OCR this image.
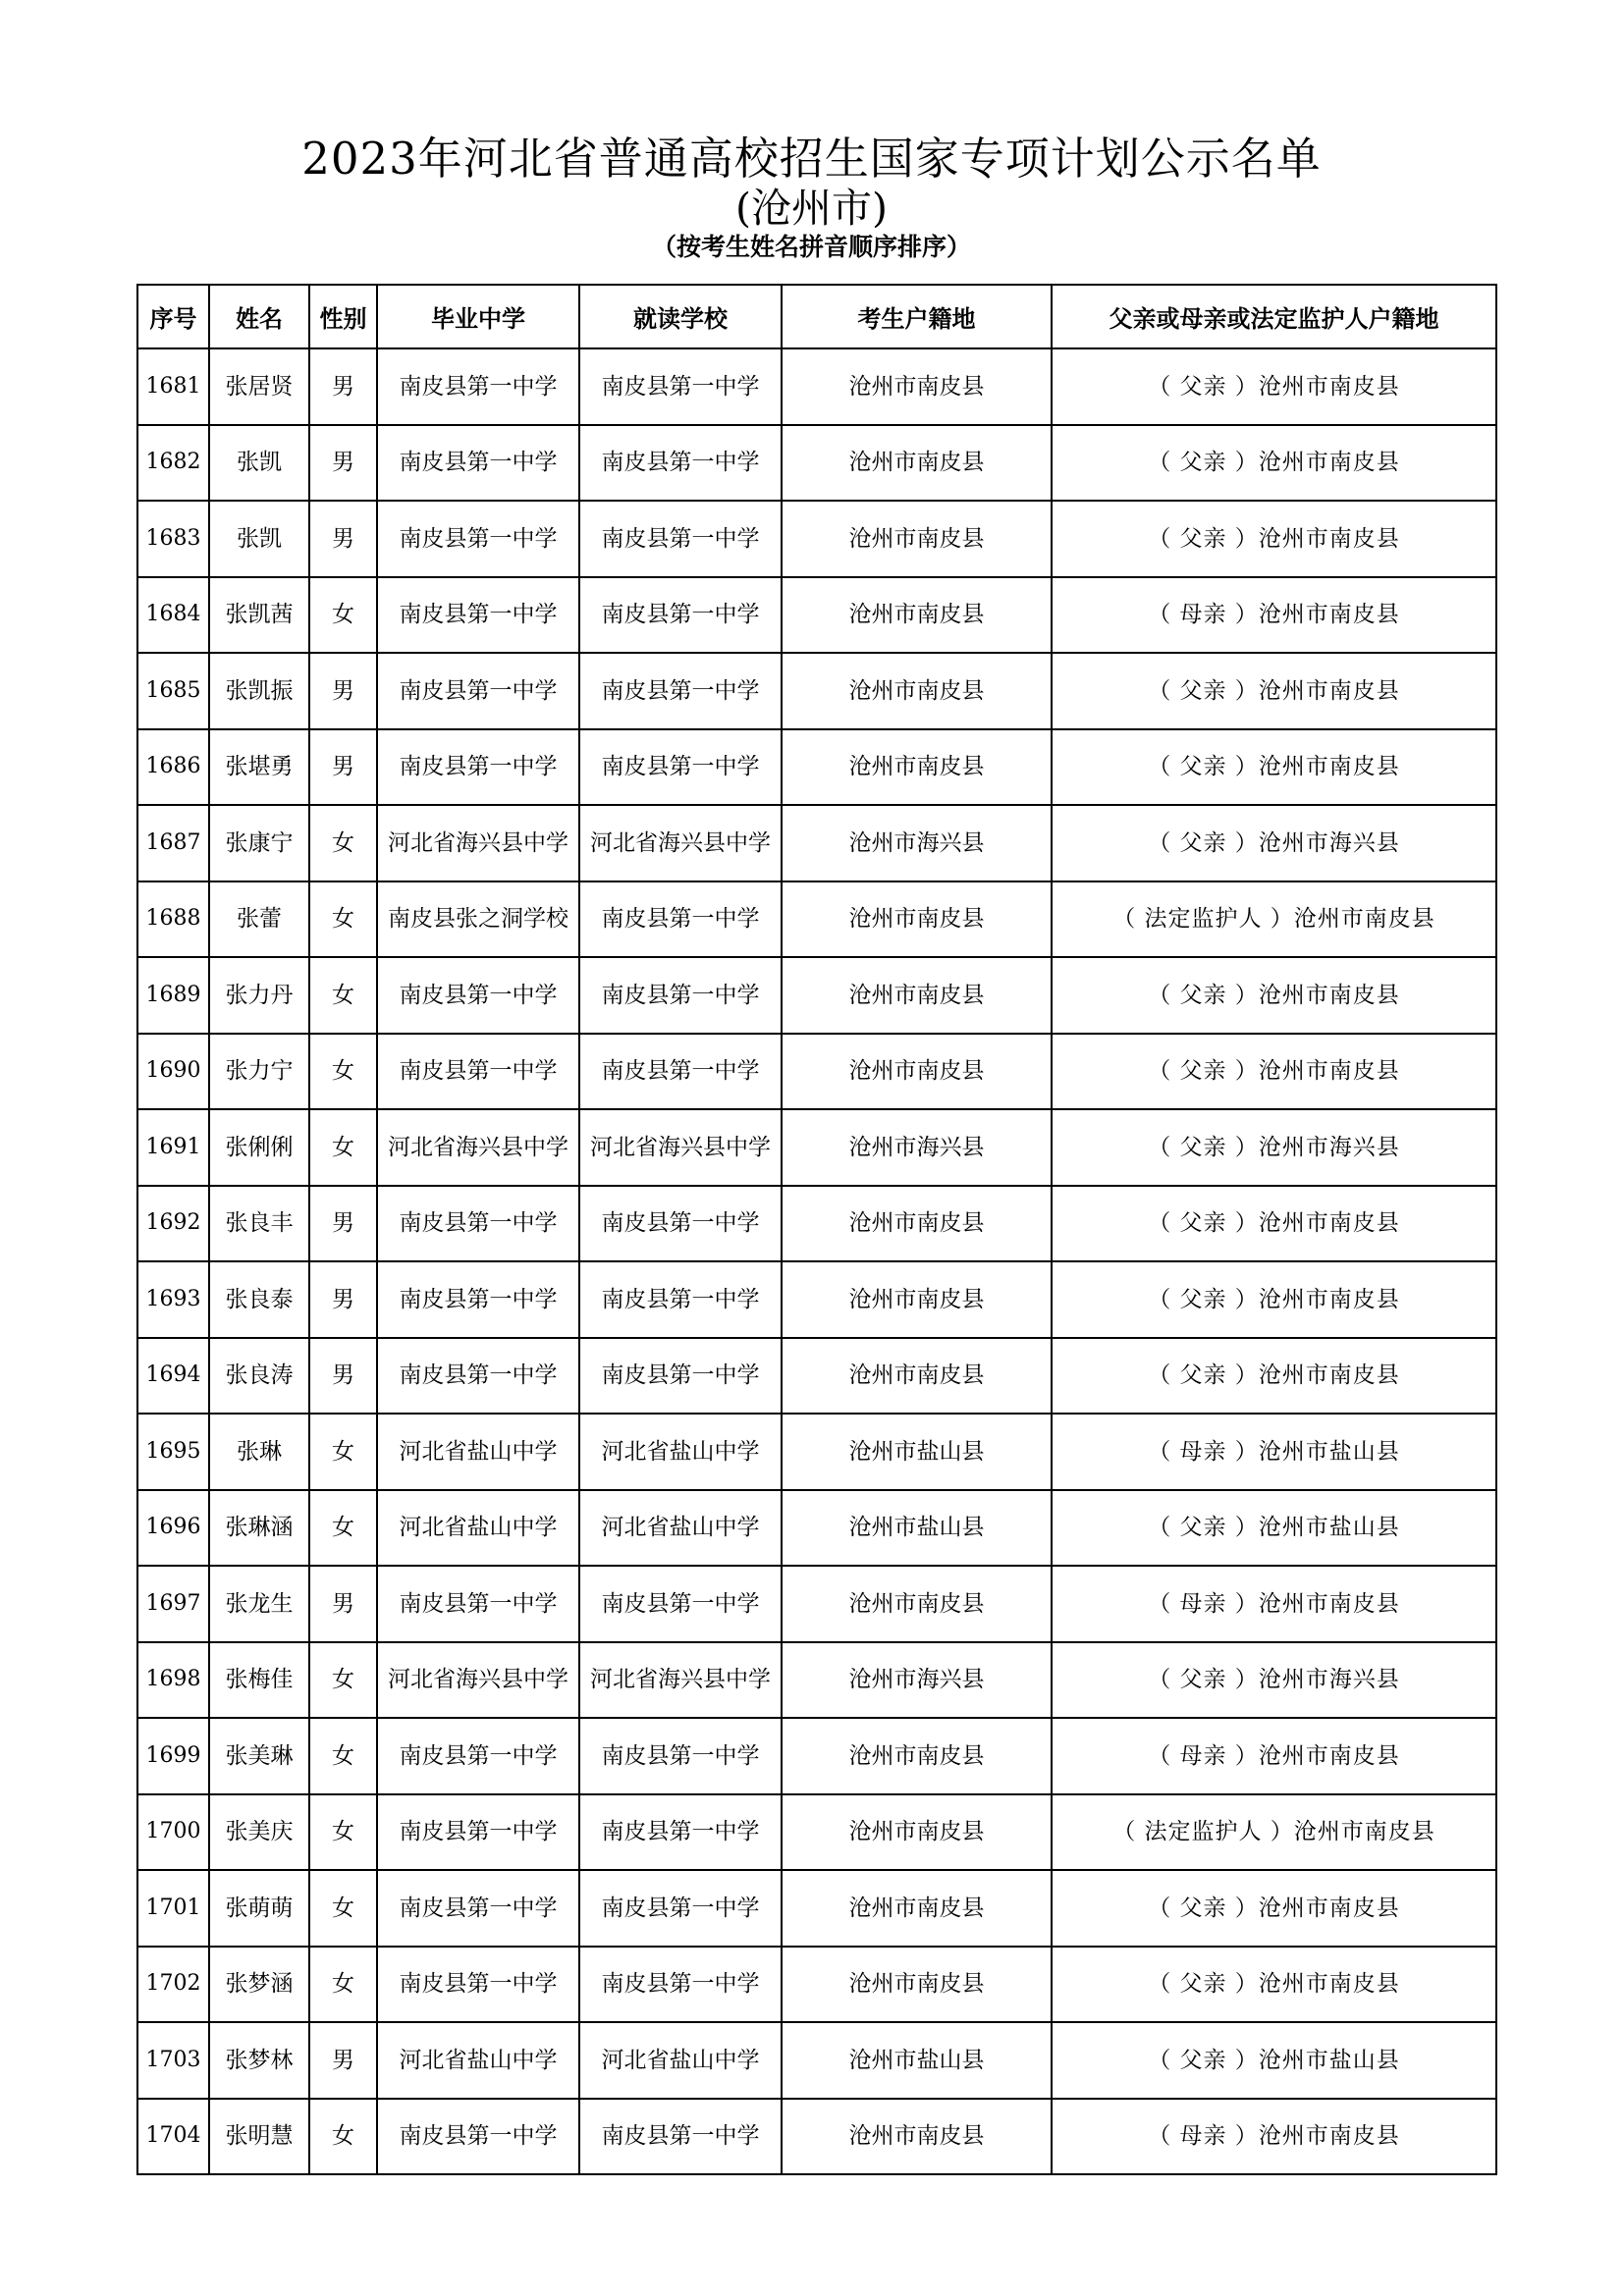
2023年河北省普通高校招生国家专项计划公示名单
(沧州市)
（按考生姓名拼音顺序排序）
序号	姓名	性别	毕业中学	就读学校	考生户籍地	父亲或母亲或法定监护人户籍地
1681	张居贤	男	南皮县第一中学	南皮县第一中学	沧州市南皮县	（ 父亲 ）沧州市南皮县
1682	张凯	男	南皮县第一中学	南皮县第一中学	沧州市南皮县	（ 父亲 ）沧州市南皮县
1683	张凯	男	南皮县第一中学	南皮县第一中学	沧州市南皮县	（ 父亲 ）沧州市南皮县
1684	张凯茜	女	南皮县第一中学	南皮县第一中学	沧州市南皮县	（ 母亲 ）沧州市南皮县
1685	张凯振	男	南皮县第一中学	南皮县第一中学	沧州市南皮县	（ 父亲 ）沧州市南皮县
1686	张堪勇	男	南皮县第一中学	南皮县第一中学	沧州市南皮县	（ 父亲 ）沧州市南皮县
1687	张康宁	女	河北省海兴县中学	河北省海兴县中学	沧州市海兴县	（ 父亲 ）沧州市海兴县
1688	张蕾	女	南皮县张之洞学校	南皮县第一中学	沧州市南皮县	（ 法定监护人 ）沧州市南皮县
1689	张力丹	女	南皮县第一中学	南皮县第一中学	沧州市南皮县	（ 父亲 ）沧州市南皮县
1690	张力宁	女	南皮县第一中学	南皮县第一中学	沧州市南皮县	（ 父亲 ）沧州市南皮县
1691	张俐俐	女	河北省海兴县中学	河北省海兴县中学	沧州市海兴县	（ 父亲 ）沧州市海兴县
1692	张良丰	男	南皮县第一中学	南皮县第一中学	沧州市南皮县	（ 父亲 ）沧州市南皮县
1693	张良泰	男	南皮县第一中学	南皮县第一中学	沧州市南皮县	（ 父亲 ）沧州市南皮县
1694	张良涛	男	南皮县第一中学	南皮县第一中学	沧州市南皮县	（ 父亲 ）沧州市南皮县
1695	张琳	女	河北省盐山中学	河北省盐山中学	沧州市盐山县	（ 母亲 ）沧州市盐山县
1696	张琳涵	女	河北省盐山中学	河北省盐山中学	沧州市盐山县	（ 父亲 ）沧州市盐山县
1697	张龙生	男	南皮县第一中学	南皮县第一中学	沧州市南皮县	（ 母亲 ）沧州市南皮县
1698	张梅佳	女	河北省海兴县中学	河北省海兴县中学	沧州市海兴县	（ 父亲 ）沧州市海兴县
1699	张美琳	女	南皮县第一中学	南皮县第一中学	沧州市南皮县	（ 母亲 ）沧州市南皮县
1700	张美庆	女	南皮县第一中学	南皮县第一中学	沧州市南皮县	（ 法定监护人 ）沧州市南皮县
1701	张萌萌	女	南皮县第一中学	南皮县第一中学	沧州市南皮县	（ 父亲 ）沧州市南皮县
1702	张梦涵	女	南皮县第一中学	南皮县第一中学	沧州市南皮县	（ 父亲 ）沧州市南皮县
1703	张梦林	男	河北省盐山中学	河北省盐山中学	沧州市盐山县	（ 父亲 ）沧州市盐山县
1704	张明慧	女	南皮县第一中学	南皮县第一中学	沧州市南皮县	（ 母亲 ）沧州市南皮县
